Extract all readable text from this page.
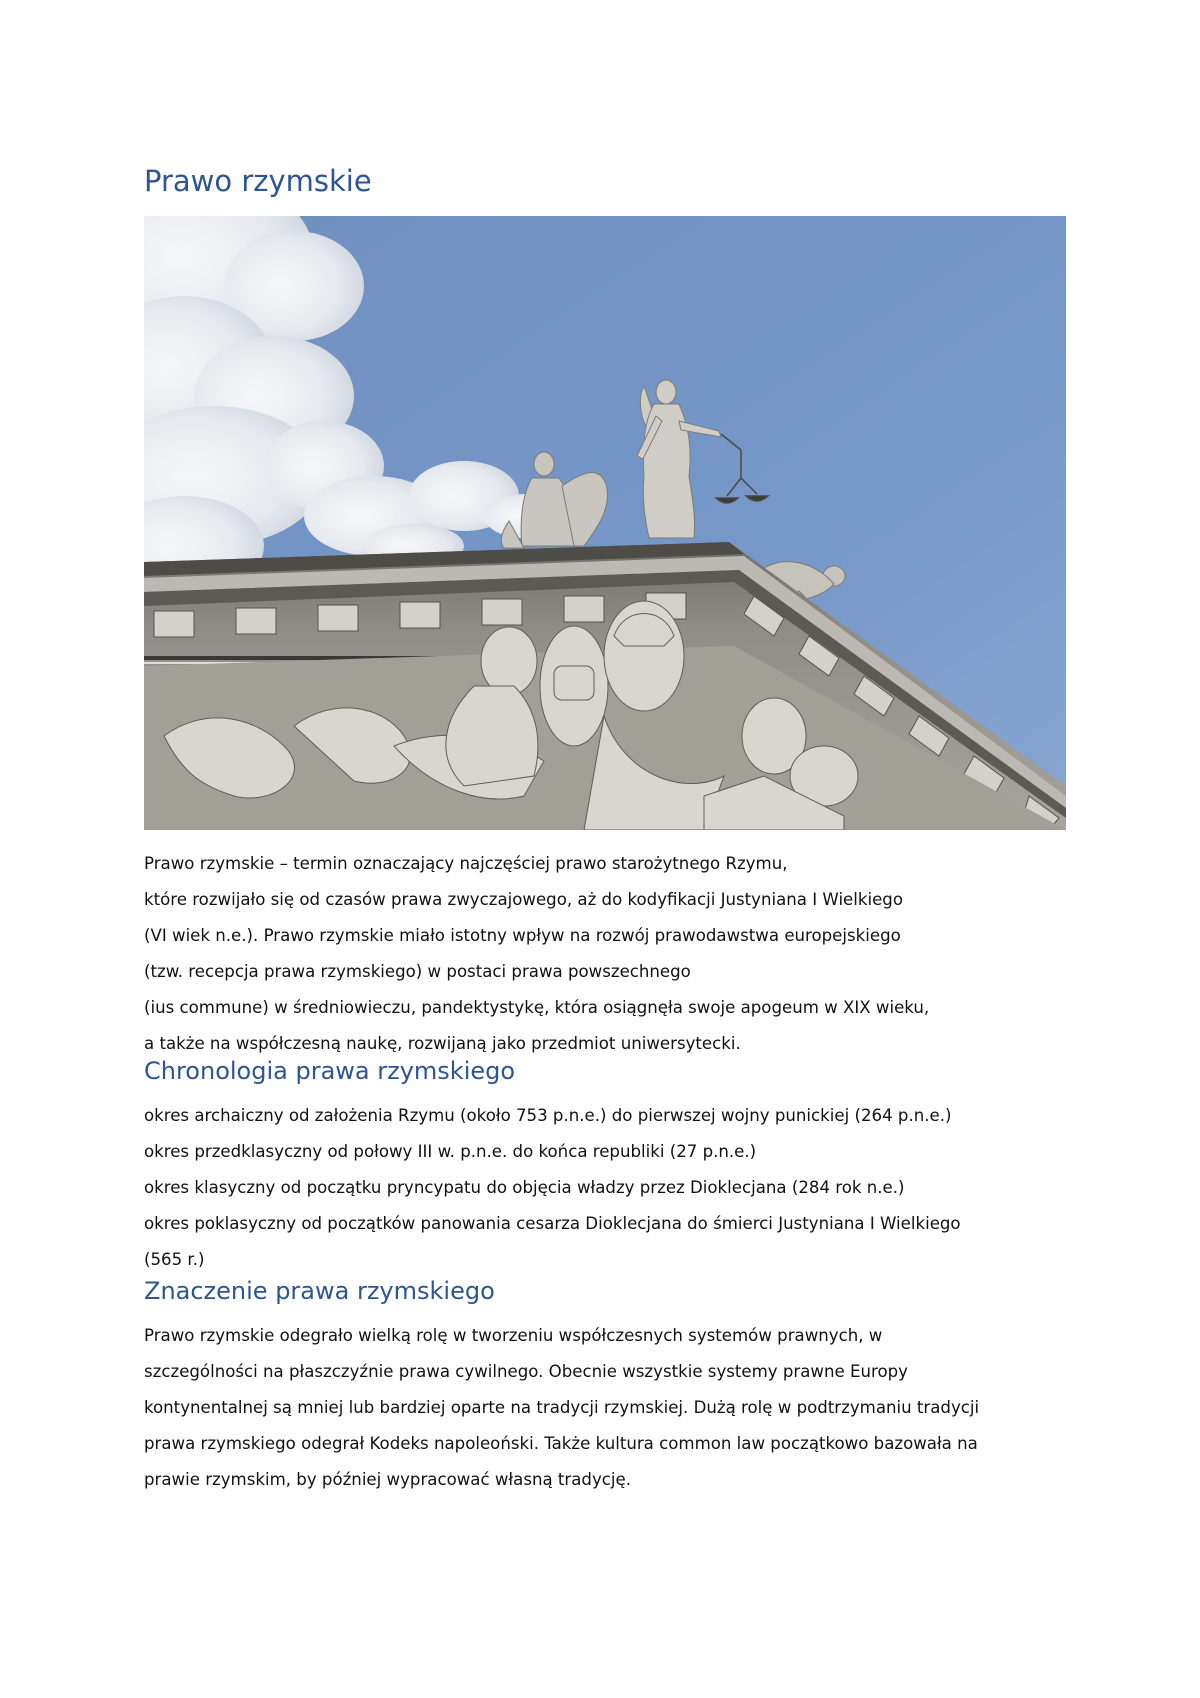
Prawo rzymskie
Prawo rzymskie – termin oznaczający najczęściej prawo starożytnego Rzymu,
które rozwijało się od czasów prawa zwyczajowego, aż do kodyfikacji Justyniana I Wielkiego
(VI wiek n.e.). Prawo rzymskie miało istotny wpływ na rozwój prawodawstwa europejskiego
(tzw. recepcja prawa rzymskiego) w postaci prawa powszechnego
(ius commune) w średniowieczu, pandektystykę, która osiągnęła swoje apogeum w XIX wieku,
a także na współczesną naukę, rozwijaną jako przedmiot uniwersytecki.
Chronologia prawa rzymskiego
okres archaiczny od założenia Rzymu (około 753 p.n.e.) do pierwszej wojny punickiej (264 p.n.e.)
okres przedklasyczny od połowy III w. p.n.e. do końca republiki (27 p.n.e.)
okres klasyczny od początku pryncypatu do objęcia władzy przez Dioklecjana (284 rok n.e.)
okres poklasyczny od początków panowania cesarza Dioklecjana do śmierci Justyniana I Wielkiego
(565 r.)
Znaczenie prawa rzymskiego
Prawo rzymskie odegrało wielką rolę w tworzeniu współczesnych systemów prawnych, w
szczególności na płaszczyźnie prawa cywilnego. Obecnie wszystkie systemy prawne Europy
kontynentalnej są mniej lub bardziej oparte na tradycji rzymskiej. Dużą rolę w podtrzymaniu tradycji
prawa rzymskiego odegrał Kodeks napoleoński. Także kultura common law początkowo bazowała na
prawie rzymskim, by później wypracować własną tradycję.
